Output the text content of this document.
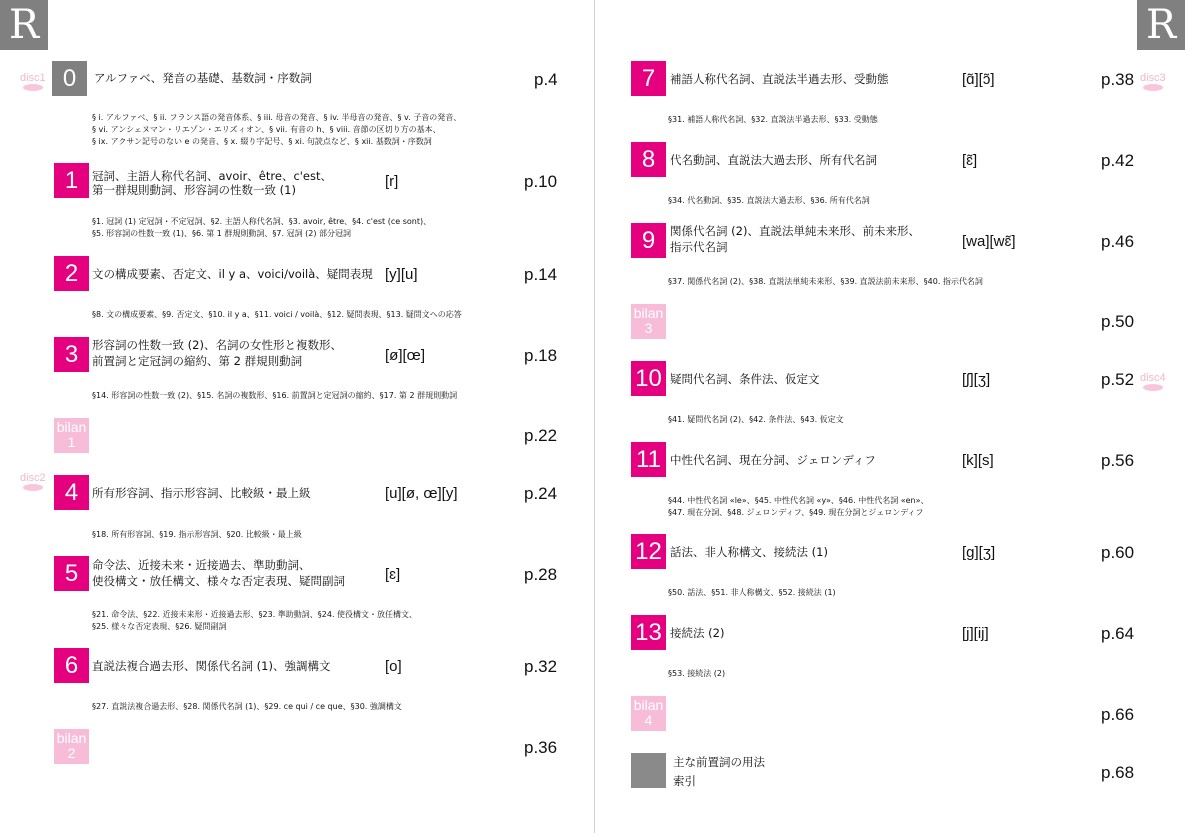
R
disc1
disc2
0	アルファベ、発音の基礎、基数詞・序数詞	p.4
§ i. アルファベ、§ ii. フランス語の発音体系、§ iii. 母音の発音、§ iv. 半母音の発音、§ v. 子音の発音、
§ vi. アンシェヌマン・リエゾン・エリズィオン、§ vii. 有音の h、§ viii. 音節の区切り方の基本、
§ ix. アクサン記号のない e の発音、§ x. 綴り字記号、§ xi. 句読点など、§ xii. 基数詞・序数詞
1	冠詞、主語人称代名詞、avoir、être、c'est、
第一群規則動詞、形容詞の性数一致 (1)	[r]	p.10
§1. 冠詞 (1) 定冠詞・不定冠詞、§2. 主語人称代名詞、§3. avoir, être、§4. c'est (ce sont)、
§5. 形容詞の性数一致 (1)、§6. 第 1 群規則動詞、§7. 冠詞 (2) 部分冠詞
2	文の構成要素、否定文、il y a、voici/voilà、疑問表現 [y][u]	p.14
§8. 文の構成要素、§9. 否定文、§10. il y a、§11. voici / voilà、§12. 疑問表現、§13. 疑問文への応答
3	形容詞の性数一致 (2)、名詞の女性形と複数形、
前置詞と定冠詞の縮約、第 2 群規則動詞	[ø][œ]	p.18
§14. 形容詞の性数一致 (2)、§15. 名詞の複数形、§16. 前置詞と定冠詞の縮約、§17. 第 2 群規則動詞
bilan
1	p.22
4	所有形容詞、指示形容詞、比較級・最上級	[u][ø, œ][y]	p.24
§18. 所有形容詞、§19. 指示形容詞、§20. 比較級・最上級
5	命令法、近接未来・近接過去、準助動詞、
使役構文・放任構文、様々な否定表現、疑問副詞	[ɛ]	p.28
§21. 命令法、§22. 近接未来形・近接過去形、§23. 準助動詞、§24. 使役構文・放任構文、
§25. 様々な否定表現、§26. 疑問副詞
6	直説法複合過去形、関係代名詞 (1)、強調構文	[o]	p.32
§27. 直説法複合過去形、§28. 関係代名詞 (1)、§29. ce qui / ce que、§30. 強調構文
bilan
2	p.36
R
disc3
disc4
7	補語人称代名詞、直説法半過去形、受動態	[ɑ̃][ɔ̃]	p.38
§31. 補語人称代名詞、§32. 直説法半過去形、§33. 受動態
8	代名動詞、直説法大過去形、所有代名詞	[ɛ̃]	p.42
§34. 代名動詞、§35. 直説法大過去形、§36. 所有代名詞
9	関係代名詞 (2)、直説法単純未来形、前未来形、
指示代名詞	[wa][wɛ̃]	p.46
§37. 関係代名詞 (2)、§38. 直説法単純未来形、§39. 直説法前未来形、§40. 指示代名詞
bilan
3	p.50
10 疑問代名詞、条件法、仮定文	[ʃ][ʒ]	p.52
§41. 疑問代名詞 (2)、§42. 条件法、§43. 仮定文
11 中性代名詞、現在分詞、ジェロンディフ	[k][s]	p.56
§44. 中性代名詞 «le»、§45. 中性代名詞 «y»、§46. 中性代名詞 «en»、
§47. 現在分詞、§48. ジェロンディフ、§49. 現在分詞とジェロンディフ
12 話法、非人称構文、接続法 (1)	[g][ʒ]	p.60
§50. 話法、§51. 非人称構文、§52. 接続法 (1)
13 接続法 (2)	[j][ij]	p.64
§53. 接続法 (2)
bilan
4	p.66
主な前置詞の用法
索引	p.68
